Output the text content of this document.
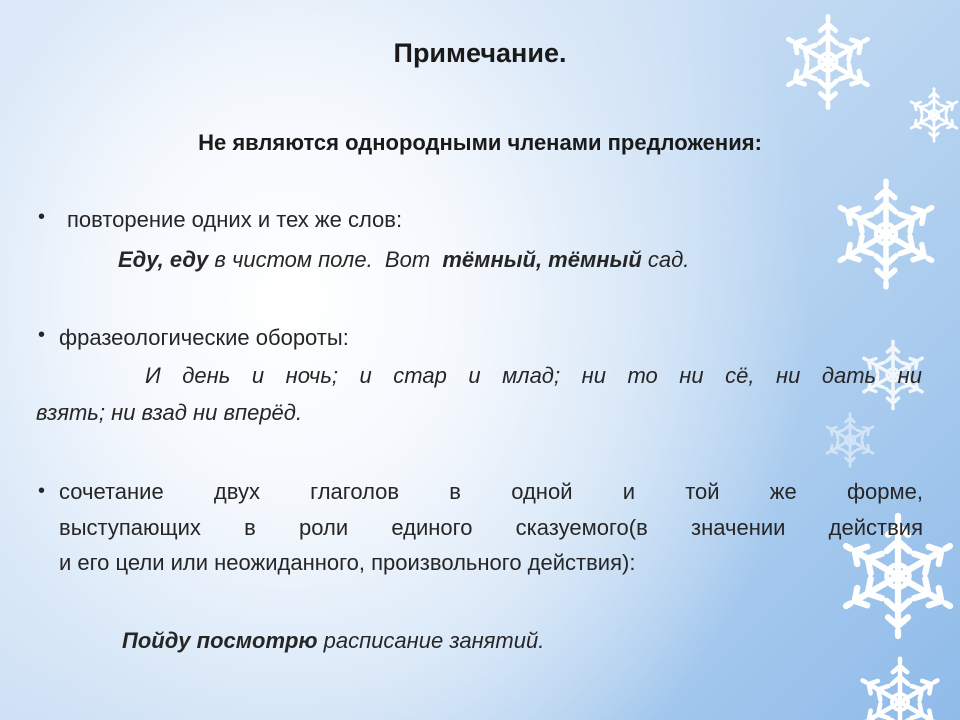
Примечание.
Не являются однородными членами предложения:
• повторение одних и тех же слов:
Еду, еду в чистом поле.  Вот  тёмный, тёмный сад.
• фразеологические обороты:
И день и ночь; и стар и млад; ни то ни сё, ни дать ни
взять; ни взад ни вперёд.
• сочетание двух глаголов в одной и той же форме,
выступающих в роли единого сказуемого(в значении действия
и его цели или неожиданного, произвольного действия):
Пойду посмотрю расписание занятий.
